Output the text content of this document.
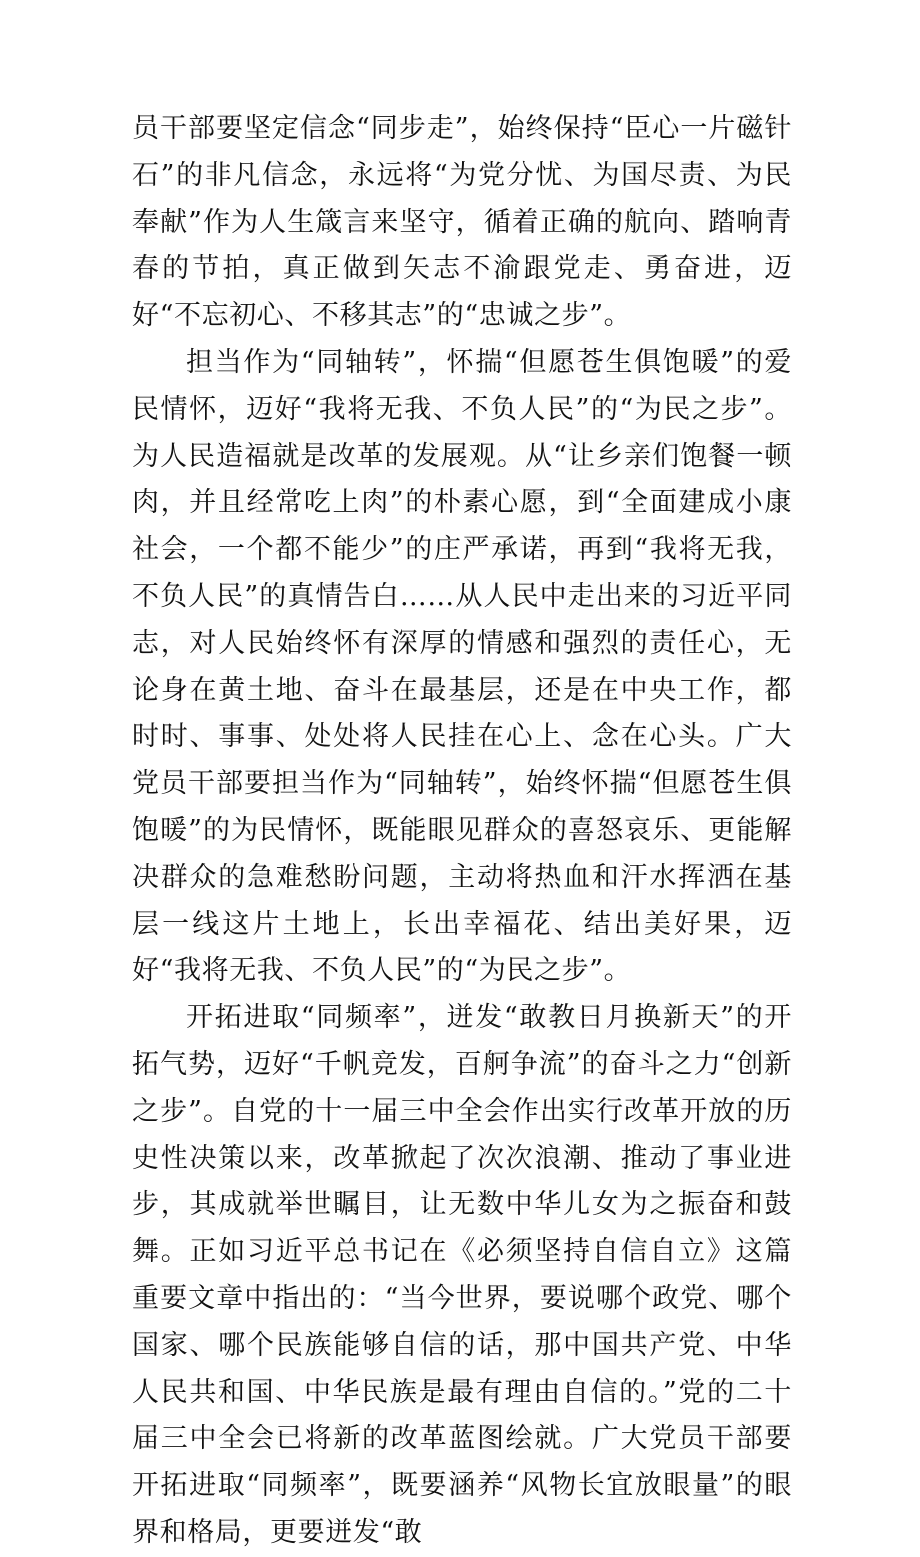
员干部要坚定信念“同步走”，始终保持“臣心一片磁针石”的非凡信念，永远将“为党分忧、为国尽责、为民奉献”作为人生箴言来坚守，循着正确的航向、踏响青春的节拍，真正做到矢志不渝跟党走、勇奋进，迈好“不忘初心、不移其志”的“忠诚之步”。

担当作为“同轴转”，怀揣“但愿苍生俱饱暖”的爱民情怀，迈好“我将无我、不负人民”的“为民之步”。为人民造福就是改革的发展观。从“让乡亲们饱餐一顿肉，并且经常吃上肉”的朴素心愿，到“全面建成小康社会，一个都不能少”的庄严承诺，再到“我将无我，不负人民”的真情告白……从人民中走出来的习近平同志，对人民始终怀有深厚的情感和强烈的责任心，无论身在黄土地、奋斗在最基层，还是在中央工作，都时时、事事、处处将人民挂在心上、念在心头。广大党员干部要担当作为“同轴转”，始终怀揣“但愿苍生俱饱暖”的为民情怀，既能眼见群众的喜怒哀乐、更能解决群众的急难愁盼问题，主动将热血和汗水挥洒在基层一线这片土地上，长出幸福花、结出美好果，迈好“我将无我、不负人民”的“为民之步”。

开拓进取“同频率”，迸发“敢教日月换新天”的开拓气势，迈好“千帆竞发，百舸争流”的奋斗之力“创新之步”。自党的十一届三中全会作出实行改革开放的历史性决策以来，改革掀起了次次浪潮、推动了事业进步，其成就举世瞩目，让无数中华儿女为之振奋和鼓舞。正如习近平总书记在《必须坚持自信自立》这篇重要文章中指出的：“当今世界，要说哪个政党、哪个国家、哪个民族能够自信的话，那中国共产党、中华人民共和国、中华民族是最有理由自信的。”党的二十届三中全会已将新的改革蓝图绘就。广大党员干部要开拓进取“同频率”，既要涵养“风物长宜放眼量”的眼界和格局，更要迸发“敢
